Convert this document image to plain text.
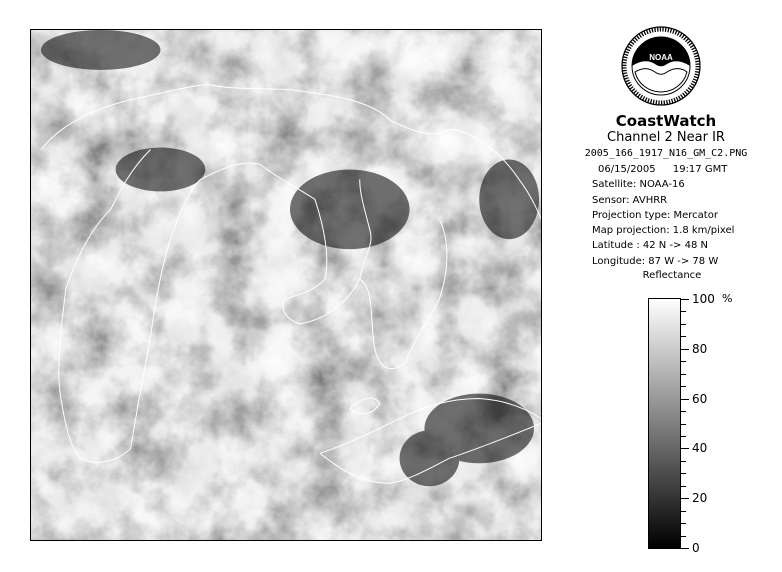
NOAA
CoastWatch
Channel 2 Near IR
2005_166_1917_N16_GM_C2.PNG
06/15/2005 19:17 GMT
Satellite: NOAA-16
Sensor: AVHRR
Projection type: Mercator
Map projection: 1.8 km/pixel
Latitude : 42 N -> 48 N
Longitude: 87 W -> 78 W
Reflectance
%
100
80
60
40
20
0
